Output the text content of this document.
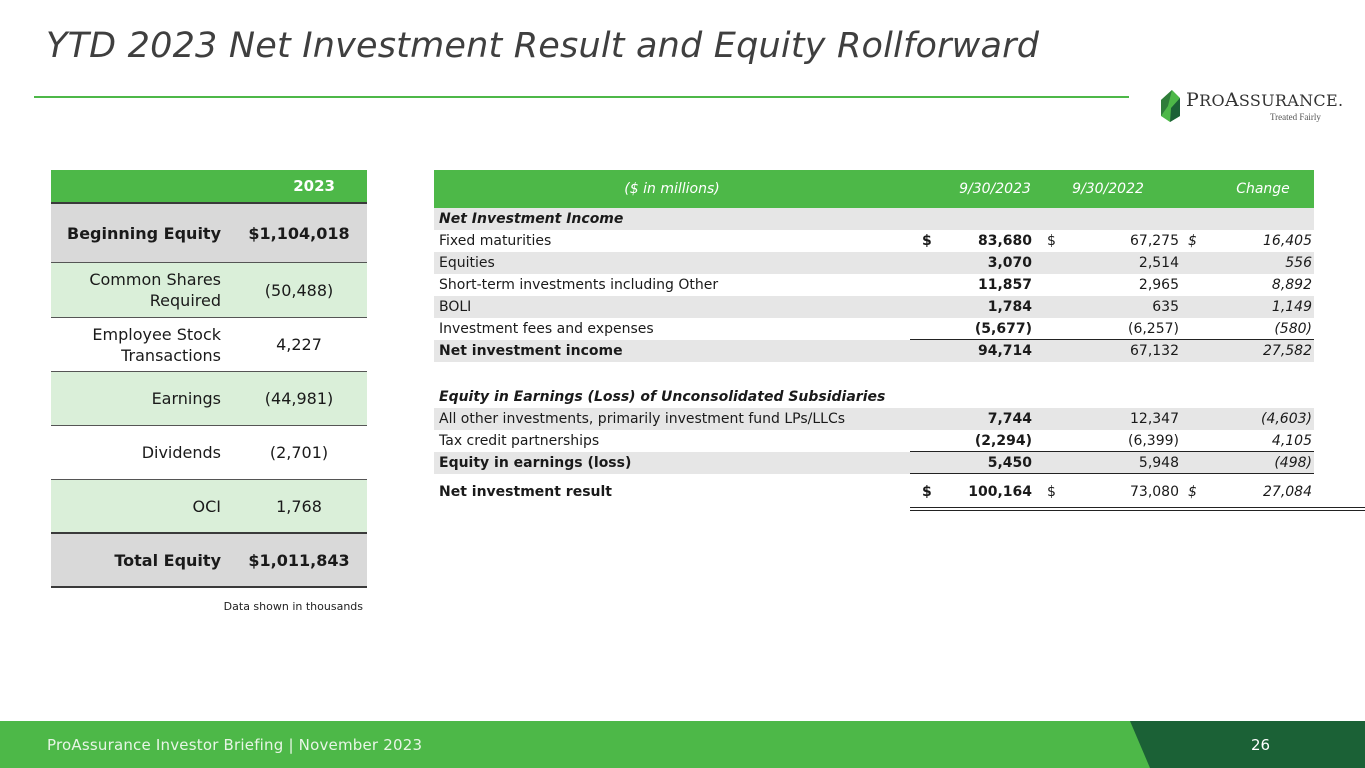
YTD 2023 Net Investment Result and Equity Rollforward
PROASSURANCE.
Treated Fairly
2023
Beginning Equity	$1,104,018
Common Shares Required
(50,488)
Employee Stock Transactions
4,227
Earnings	(44,981)
Dividends	(2,701)
OCI	1,768
Total Equity	$1,011,843
Data shown in thousands
($ in millions)	9/30/2023	9/30/2022	Change
Net Investment Income
Fixed maturities	$	83,680	$	67,275 $	16,405
Equities	3,070	2,514	556
Short-term investments including Other	11,857	2,965	8,892
BOLI	1,784	635	1,149
Investment fees and expenses	(5,677)	(6,257)	(580)
Net investment income	94,714	67,132	27,582
Equity in Earnings (Loss) of Unconsolidated Subsidiaries
All other investments, primarily investment fund LPs/LLCs	7,744	12,347	(4,603)
Tax credit partnerships	(2,294)	(6,399)	4,105
Equity in earnings (loss)	5,450	5,948	(498)
Net investment result	$	100,164	$	73,080 $	27,084
ProAssurance Investor Briefing | November 2023	26
